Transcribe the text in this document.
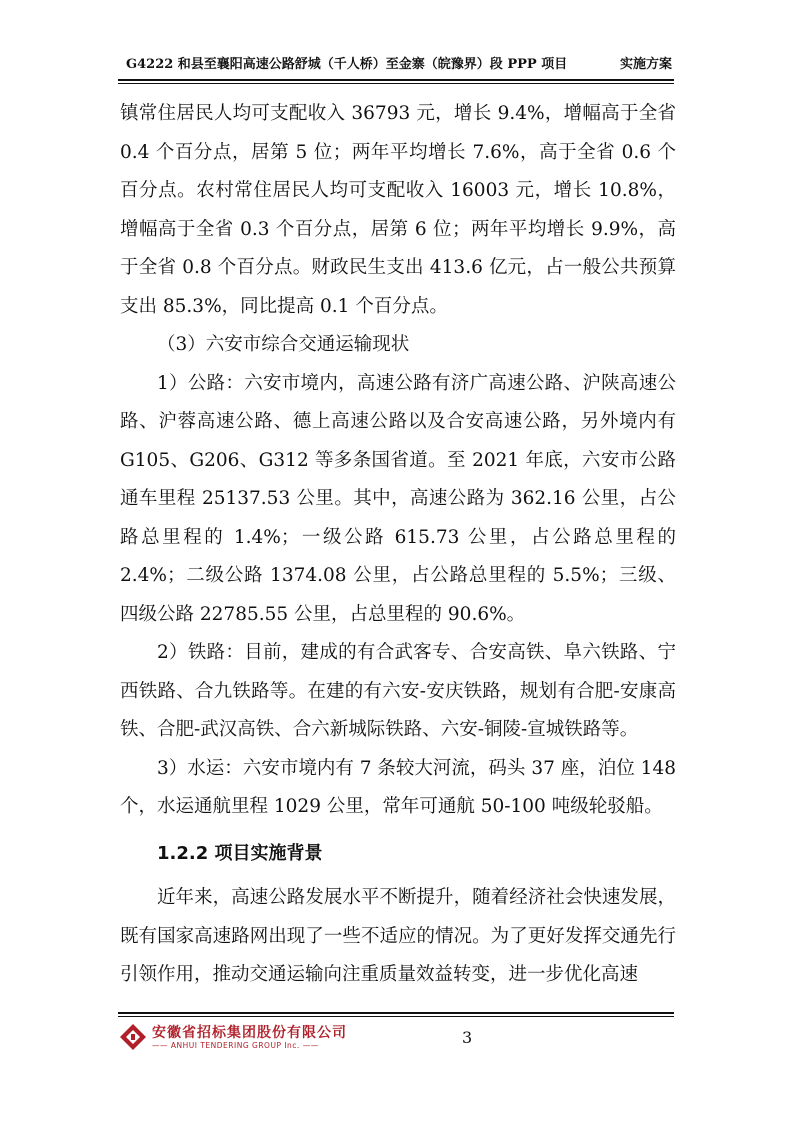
G4222 和县至襄阳高速公路舒城（千人桥）至金寨（皖豫界）段 PPP 项目	实施方案

镇常住居民人均可支配收入 36793 元，增长 9.4%，增幅高于全省 0.4 个百分点，居第 5 位；两年平均增长 7.6%，高于全省 0.6 个百分点。农村常住居民人均可支配收入 16003 元，增长 10.8%，增幅高于全省 0.3 个百分点，居第 6 位；两年平均增长 9.9%，高于全省 0.8 个百分点。财政民生支出 413.6 亿元，占一般公共预算支出 85.3%，同比提高 0.1 个百分点。

（3）六安市综合交通运输现状

1）公路：六安市境内，高速公路有济广高速公路、沪陕高速公路、沪蓉高速公路、德上高速公路以及合安高速公路，另外境内有 G105、G206、G312 等多条国省道。至 2021 年底，六安市公路通车里程 25137.53 公里。其中，高速公路为 362.16 公里，占公路总里程的 1.4%；一级公路 615.73 公里，占公路总里程的 2.4%；二级公路 1374.08 公里，占公路总里程的 5.5%；三级、四级公路 22785.55 公里，占总里程的 90.6%。

2）铁路：目前，建成的有合武客专、合安高铁、阜六铁路、宁西铁路、合九铁路等。在建的有六安-安庆铁路，规划有合肥-安康高铁、合肥-武汉高铁、合六新城际铁路、六安-铜陵-宣城铁路等。

3）水运：六安市境内有 7 条较大河流，码头 37 座，泊位 148 个，水运通航里程 1029 公里，常年可通航 50-100 吨级轮驳船。

1.2.2 项目实施背景

近年来，高速公路发展水平不断提升，随着经济社会快速发展，既有国家高速路网出现了一些不适应的情况。为了更好发挥交通先行引领作用，推动交通运输向注重质量效益转变，进一步优化高速

安徽省招标集团股份有限公司
—— ANHUI TENDERING GROUP Inc. ——	3
